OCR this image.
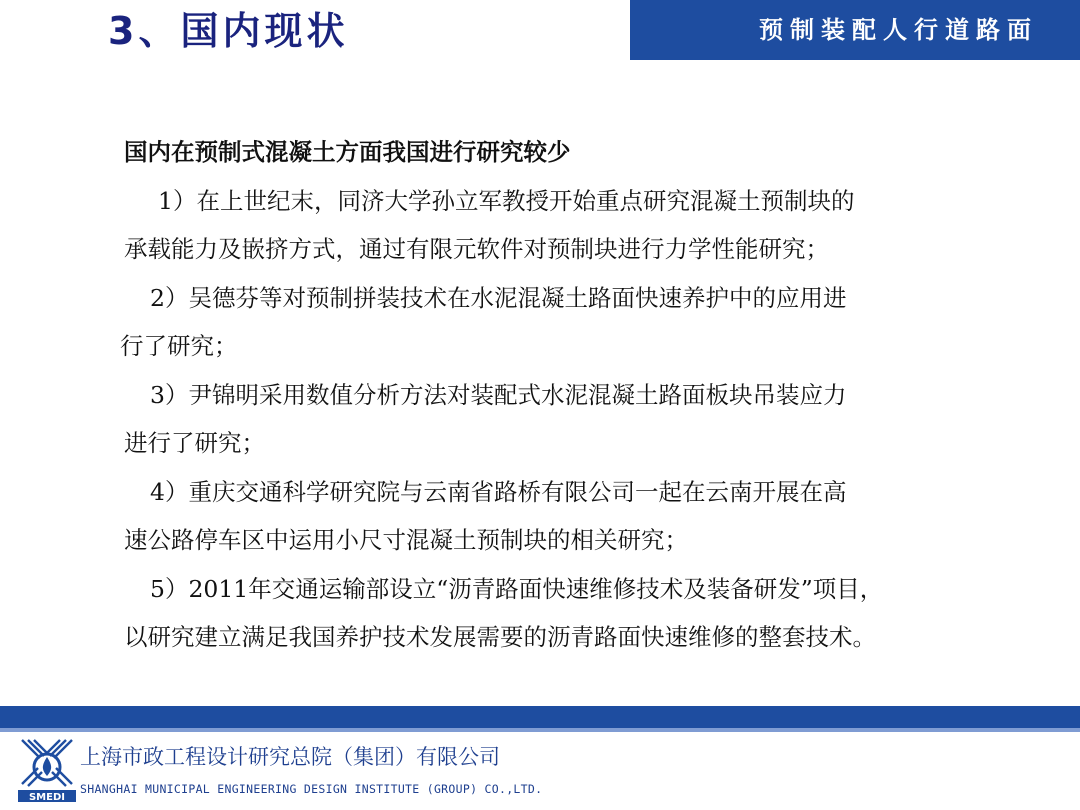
3、国内现状	预制装配人行道路面
国内在预制式混凝土方面我国进行研究较少
1）在上世纪末，同济大学孙立军教授开始重点研究混凝土预制块的
承载能力及嵌挤方式，通过有限元软件对预制块进行力学性能研究；
2）吴德芬等对预制拼装技术在水泥混凝土路面快速养护中的应用进
行了研究；
3）尹锦明采用数值分析方法对装配式水泥混凝土路面板块吊装应力
进行了研究；
4）重庆交通科学研究院与云南省路桥有限公司一起在云南开展在高
速公路停车区中运用小尺寸混凝土预制块的相关研究；
5）2011年交通运输部设立“沥青路面快速维修技术及装备研发”项目，
以研究建立满足我国养护技术发展需要的沥青路面快速维修的整套技术。
SMEDI
上海市政工程设计研究总院（集团）有限公司
SHANGHAI MUNICIPAL ENGINEERING DESIGN INSTITUTE (GROUP) CO.,LTD.
